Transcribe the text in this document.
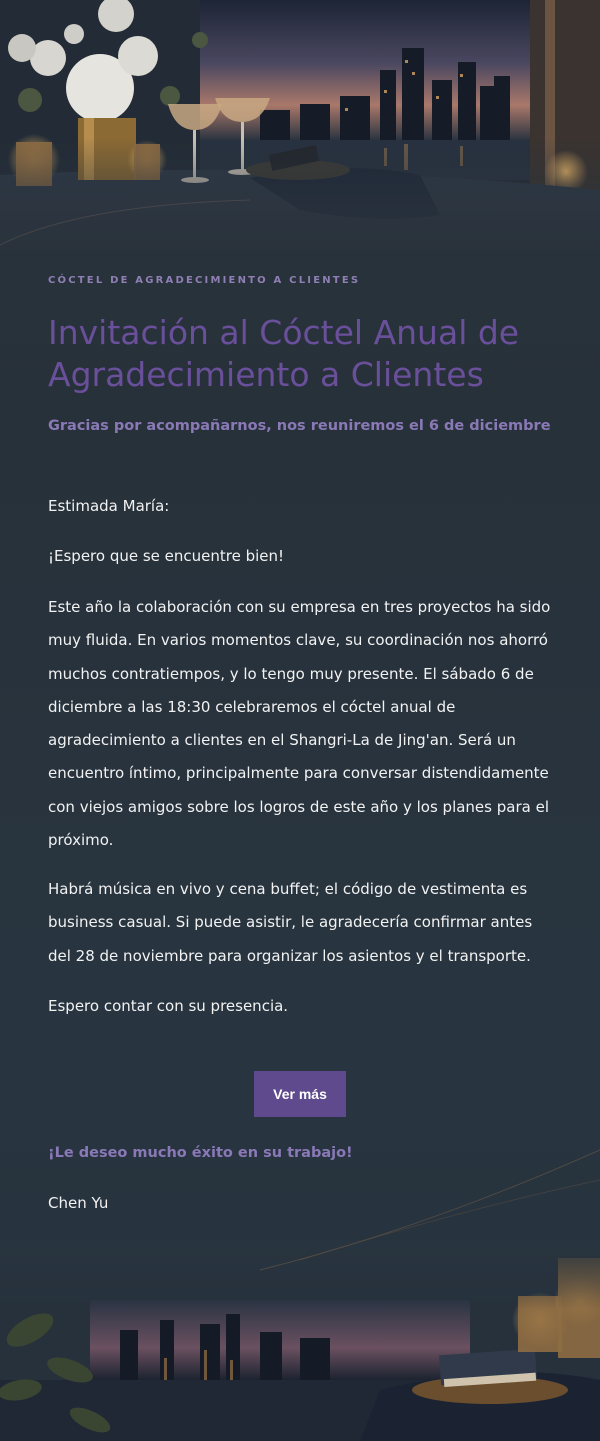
CÓCTEL DE AGRADECIMIENTO A CLIENTES
Invitación al Cóctel Anual de Agradecimiento a Clientes
Gracias por acompañarnos, nos reuniremos el 6 de diciembre
Estimada María:
¡Espero que se encuentre bien!

Este año la colaboración con su empresa en tres proyectos ha sido muy fluida. En varios momentos clave, su coordinación nos ahorró muchos contratiempos, y lo tengo muy presente. El sábado 6 de diciembre a las 18:30 celebraremos el cóctel anual de agradecimiento a clientes en el Shangri-La de Jing'an. Será un encuentro íntimo, principalmente para conversar distendidamente con viejos amigos sobre los logros de este año y los planes para el próximo.

Habrá música en vivo y cena buffet; el código de vestimenta es business casual. Si puede asistir, le agradecería confirmar antes del 28 de noviembre para organizar los asientos y el transporte.

Espero contar con su presencia.
Ver más
¡Le deseo mucho éxito en su trabajo!
Chen Yu
